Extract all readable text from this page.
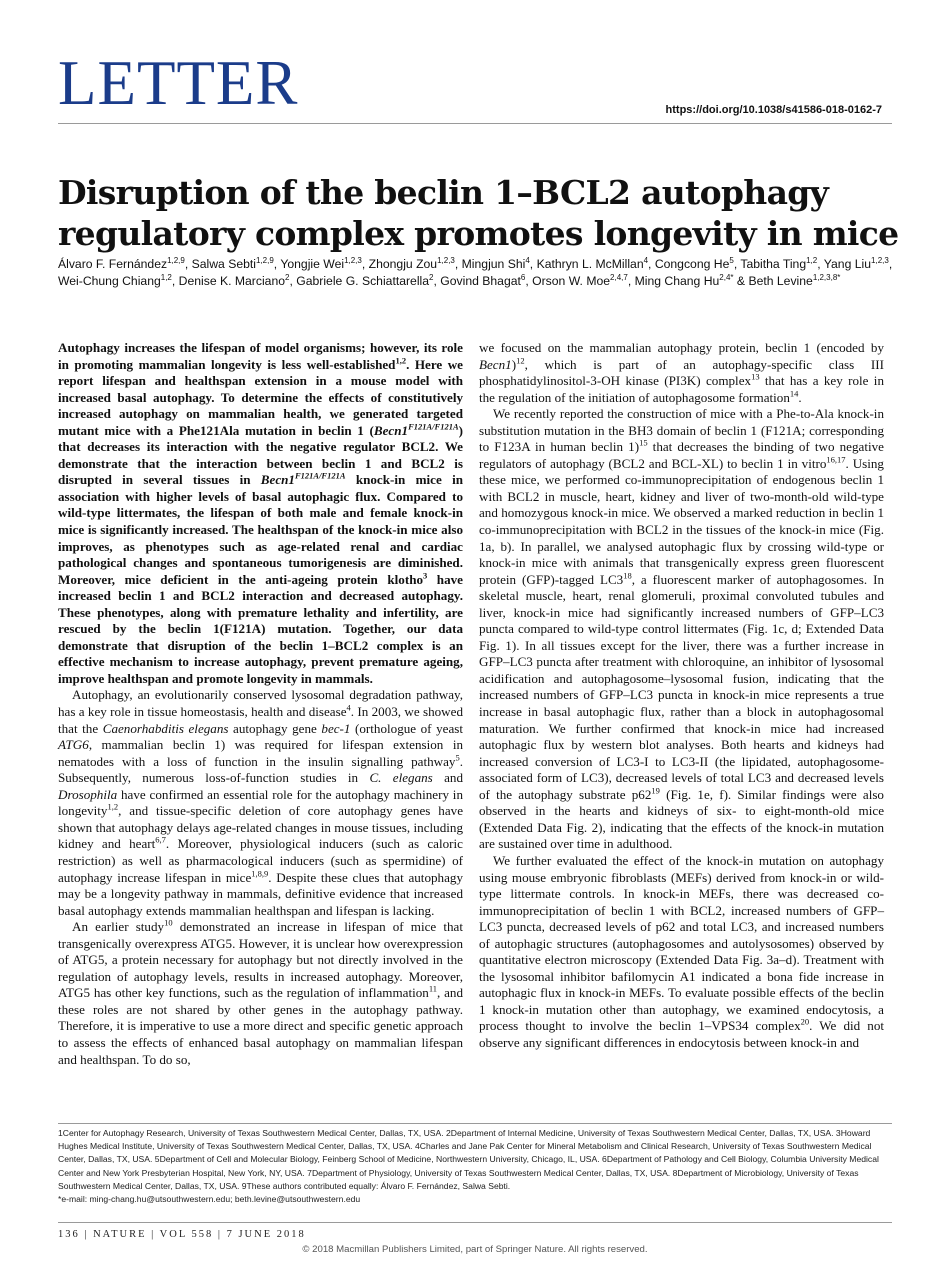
LETTER	https://doi.org/10.1038/s41586-018-0162-7
Disruption of the beclin 1–BCL2 autophagy
regulatory complex promotes longevity in mice
Álvaro F. Fernández$^{1,2,9}$, Salwa Sebti$^{1,2,9}$, Yongjie Wei$^{1,2,3}$, Zhongju Zou$^{1,2,3}$, Mingjun Shi$^4$, Kathryn L. McMillan$^4$, Congcong He$^5$, Tabitha Ting$^{1,2}$, Yang Liu$^{1,2,3}$, Wei-Chung Chiang$^{1,2}$, Denise K. Marciano$^2$, Gabriele G. Schiattarella$^2$, Govind Bhagat$^6$, Orson W. Moe$^{2,4,7}$, Ming Chang $Hu^{2,4*}$ & Beth Levine$^{1,2,3,8*}$

Autophagy increases the lifespan of model organisms; however, its role in promoting mammalian longevity is less well-established$^{1,2}$. Here we report lifespan and healthspan extension in a mouse model with increased basal autophagy. To determine the effects of constitutively increased autophagy on mammalian health, we generated targeted mutant mice with a Phe121Ala mutation in beclin 1 $(Becn1^{F121A/F121A})$ that decreases its interaction with the negative regulator BCL2. We demonstrate that the interaction between beclin 1 and BCL2 is disrupted in several tissues in $Becn1^{F121A/F121A}$ knock-in mice in association with higher levels of basal autophagic flux. Compared to wild-type littermates, the lifespan of both male and female knock-in mice is significantly increased. The healthspan of the knock-in mice also improves, as phenotypes such as age-related renal and cardiac pathological changes and spontaneous tumorigenesis are diminished. Moreover, mice deficient in the anti-ageing protein klotho$^3$ have increased beclin 1 and BCL2 interaction and decreased autophagy. These phenotypes, along with premature lethality and infertility, are rescued by the beclin 1(F121A) mutation. Together, our data demonstrate that disruption of the beclin 1–BCL2 complex is an effective mechanism to increase autophagy, prevent premature ageing, improve healthspan and promote longevity in mammals.

Autophagy, an evolutionarily conserved lysosomal degradation pathway, has a key role in tissue homeostasis, health and disease$^4$. In 2003, we showed that the Caenorhabditis elegans autophagy gene bec-1 (orthologue of yeast ATG6, mammalian beclin 1) was required for lifespan extension in nematodes with a loss of function in the insulin signalling pathway$^5$. Subsequently, numerous loss-of-function studies in C. elegans and Drosophila have confirmed an essential role for the autophagy machinery in longevity$^{1,2}$, and tissue-specific deletion of core autophagy genes have shown that autophagy delays age-related changes in mouse tissues, including kidney and heart$^{6,7}$. Moreover, physiological inducers (such as caloric restriction) as well as pharmacological inducers (such as spermidine) of autophagy increase lifespan in mice$^{1,8,9}$. Despite these clues that autophagy may be a longevity pathway in mammals, definitive evidence that increased basal autophagy extends mammalian healthspan and lifespan is lacking.

An earlier study$^{10}$ demonstrated an increase in lifespan of mice that transgenically overexpress ATG5. However, it is unclear how overexpression of ATG5, a protein necessary for autophagy but not directly involved in the regulation of autophagy levels, results in increased autophagy. Moreover, ATG5 has other key functions, such as the regulation of inflammation$^{11}$, and these roles are not shared by other genes in the autophagy pathway. Therefore, it is imperative to use a more direct and specific genetic approach to assess the effects of enhanced basal autophagy on mammalian lifespan and healthspan. To do so,

we focused on the mammalian autophagy protein, beclin 1 (encoded by Becn1)$^{12}$, which is part of an autophagy-specific class III phosphatidylinositol-3-OH kinase (PI3K) complex$^{13}$ that has a key role in the regulation of the initiation of autophagosome formation$^{14}$.

We recently reported the construction of mice with a Phe-to-Ala knock-in substitution mutation in the BH3 domain of beclin 1 (F121A; corresponding to F123A in human beclin 1)$^{15}$ that decreases the binding of two negative regulators of autophagy (BCL2 and BCL-XL) to beclin 1 in vitro$^{16,17}$. Using these mice, we performed co-immunoprecipitation of endogenous beclin 1 with BCL2 in muscle, heart, kidney and liver of two-month-old wild-type and homozygous knock-in mice. We observed a marked reduction in beclin 1 co-immunoprecipitation with BCL2 in the tissues of the knock-in mice (Fig. 1a, b). In parallel, we analysed autophagic flux by crossing wild-type or knock-in mice with animals that transgenically express green fluorescent protein (GFP)-tagged $LC3^{18}$, a fluorescent marker of autophagosomes. In skeletal muscle, heart, renal glomeruli, proximal convoluted tubules and liver, knock-in mice had significantly increased numbers of GFP–LC3 puncta compared to wild-type control littermates (Fig. 1c, d; Extended Data Fig. 1). In all tissues except for the liver, there was a further increase in GFP–LC3 puncta after treatment with chloroquine, an inhibitor of lysosomal acidification and autophagosome–lysosomal fusion, indicating that the increased numbers of GFP–LC3 puncta in knock-in mice represents a true increase in basal autophagic flux, rather than a block in autophagosomal maturation. We further confirmed that knock-in mice had increased autophagic flux by western blot analyses. Both hearts and kidneys had increased conversion of LC3-I to LC3-II (the lipidated, autophagosome-associated form of LC3), decreased levels of total LC3 and decreased levels of the autophagy substrate $p62^{19}$ (Fig. 1e, f). Similar findings were also observed in the hearts and kidneys of six- to eight-month-old mice (Extended Data Fig. 2), indicating that the effects of the knock-in mutation are sustained over time in adulthood.

We further evaluated the effect of the knock-in mutation on autophagy using mouse embryonic fibroblasts (MEFs) derived from knock-in or wild-type littermate controls. In knock-in MEFs, there was decreased co-immunoprecipitation of beclin 1 with BCL2, increased numbers of GFP–LC3 puncta, decreased levels of p62 and total LC3, and increased numbers of autophagic structures (autophagosomes and autolysosomes) observed by quantitative electron microscopy (Extended Data Fig. 3a–d). Treatment with the lysosomal inhibitor bafilomycin A1 indicated a bona fide increase in autophagic flux in knock-in MEFs. To evaluate possible effects of the beclin 1 knock-in mutation other than autophagy, we examined endocytosis, a process thought to involve the beclin 1–VPS34 complex$^{20}$. We did not observe any significant differences in endocytosis between knock-in and

1Center for Autophagy Research, University of Texas Southwestern Medical Center, Dallas, TX, USA. 2Department of Internal Medicine, University of Texas Southwestern Medical Center, Dallas, TX, USA. 3Howard Hughes Medical Institute, University of Texas Southwestern Medical Center, Dallas, TX, USA. 4Charles and Jane Pak Center for Mineral Metabolism and Clinical Research, University of Texas Southwestern Medical Center, Dallas, TX, USA. 5Department of Cell and Molecular Biology, Feinberg School of Medicine, Northwestern University, Chicago, IL, USA. 6Department of Pathology and Cell Biology, Columbia University Medical Center and New York Presbyterian Hospital, New York, NY, USA. 7Department of Physiology, University of Texas Southwestern Medical Center, Dallas, TX, USA. 8Department of Microbiology, University of Texas Southwestern Medical Center, Dallas, TX, USA. 9These authors contributed equally: Álvaro F. Fernández, Salwa Sebti.
*e-mail: ming-chang.hu@utsouthwestern.edu; beth.levine@utsouthwestern.edu
136 | NATURE | VOL 558 | 7 JUNE 2018
© 2018 Macmillan Publishers Limited, part of Springer Nature. All rights reserved.
